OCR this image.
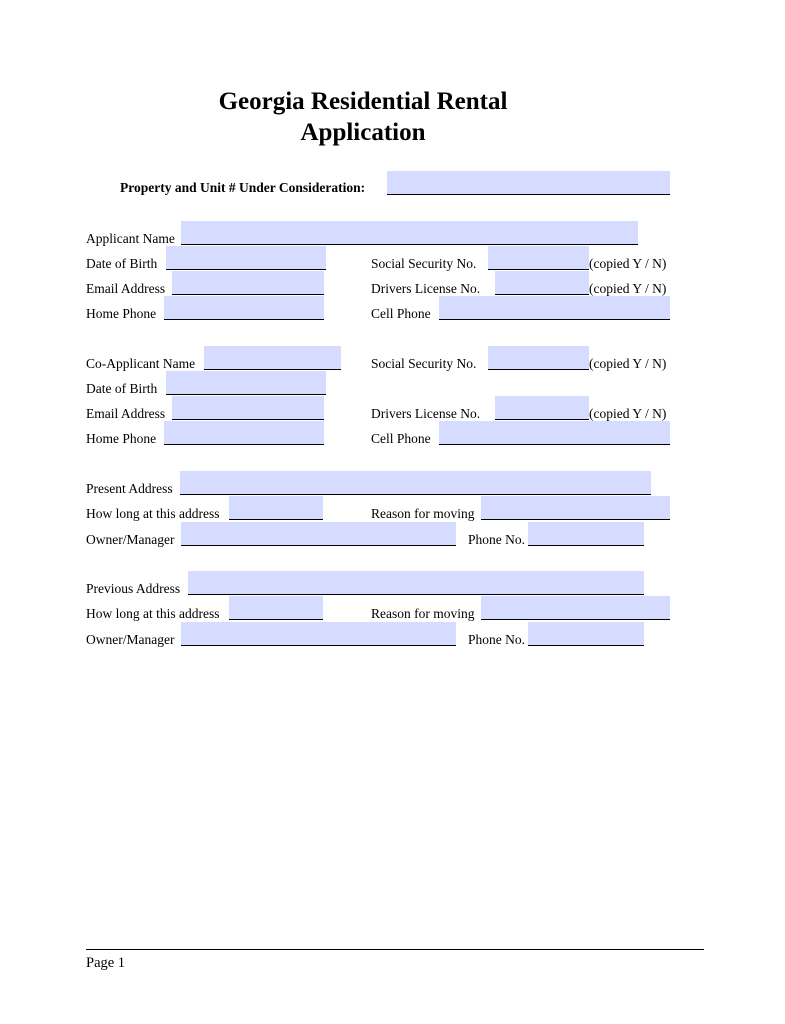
Georgia Residential Rental Application
Property and Unit # Under Consideration:
Applicant Name
Date of Birth	Social Security No.	(copied Y / N)
Email Address	Drivers License No.	(copied Y / N)
Home Phone	Cell Phone
Co-Applicant Name	Social Security No.	(copied Y / N)
Date of Birth
Email Address	Drivers License No.	(copied Y / N)
Home Phone	Cell Phone
Present Address
How long at this address	Reason for moving
Owner/Manager	Phone No.
Previous Address
How long at this address	Reason for moving
Owner/Manager	Phone No.
Page 1
